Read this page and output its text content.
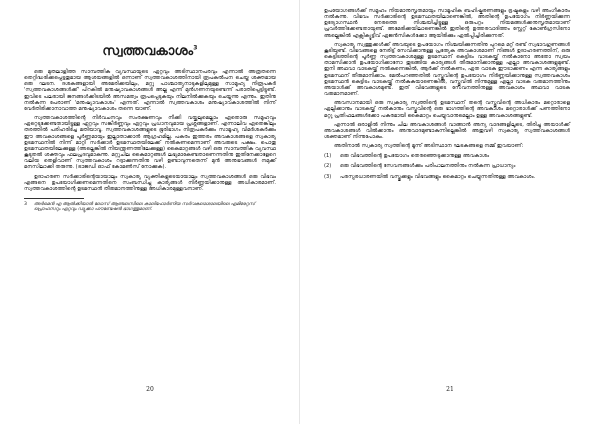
സ്വത്തവകാശം$^3$

ഒരു മുതലാളിത്ത സാമ്പത്തിക വ്യവസ്ഥയുടെ ഏറ്റവും അടിസ്ഥാനപരവും എന്നാൽ അത്രതന്നെ തെറ്റിദ്ധരിക്കപ്പെട്ടതുമായ ആശയങ്ങളിൽ ഒന്നാണ് സ്വത്തവകാശത്തിനായി രൂപകൽപന ചെയ്ത ശക്തമായ ഒരു ഘടന. ദശകങ്ങളായി അമേരിക്കയിലും, മറ്റു പാശ്ചാത്യനാടുകളിലുമുള്ള സാമൂഹ്യ നിരൂപകർ 'സ്വത്തവകാശങ്ങൾക്ക്' പിറകിൽ മനുഷ്യാവകാശങ്ങൾ അല്ല എന്ന് മുൻഗണനയുണ്ടെന്ന് പരാതിപ്പെട്ടിട്ടുണ്ട്. ഇവിടെ പലരായി ജനങ്ങൾക്കിടയിൽ അസമത്വം രൂപപ്പെടുകയും നിലനിൽക്കുകയും ചെയ്യുന്നു എന്നും. ഇതിനു നൽകുന്ന പേരാണ് 'മനുഷ്യാവകാശം' എന്നത്. എന്നാൽ സ്വത്തവകാശം മനുഷ്യാവകാശത്തിൽ നിന്ന് വേർതിരിക്കാനാവാത്ത മനുഷ്യാവകാശം തന്നെ യാണ്.

സ്വത്തവകാശത്തിന്റെ നിർവചനവും സംരക്ഷണവും നീക്കി വയ്ക്കലുമെല്ലാം ഏതൊരു സമൂഹവും ഏറ്റെടുക്കേണ്ടതായിട്ടുള്ള ഏറ്റവും സങ്കീർണ്ണവും ഏറ്റവും പ്രധാനവുമായ പ്രശ്നങ്ങളാണ്. എന്നാലിവ ഏതെങ്കിലും തരത്തിൽ പരിഹരിച്ചേ മതിയാവൂ. സ്വത്തവകാശങ്ങളുടെ ഭൂരിഭാഗം നിരൂപകർക്കും സാമൂഹ്യ വിമർശകർക്കും ഈ അവകാശങ്ങളെ പൂർണ്ണമായും ഇല്ലാതാക്കാൻ ആഗ്രഹമില്ല. പകരം ഇത്തരം അവകാശങ്ങളെ സ്വകാര്യ ഉടമസ്ഥനിൽ നിന്ന് മാറ്റി സർക്കാർ ഉടമസ്ഥതയിലേക്ക് നൽകണമെന്നാണ് അവരുടെ പക്ഷം. പൊതു ഉടമസ്ഥതയിലേക്കുള്ള (അല്ലെങ്കിൽ നിയന്ത്രണത്തിലേക്കുള്ള) കൈമാറ്റങ്ങൾ വഴി ഒരു സാമ്പത്തിക വ്യവസ്ഥ കൂടുതൽ ശക്തവും ഫലപ്രദവുമാകുന്നു. മറ്റുചില കൈമാറ്റങ്ങൾ ലഭ്യമാകേണ്ടതാണെന്നതിനു ഇതിനേക്കാളേറെ വലിയ തെളിവാണ് സ്വത്തവകാശം റദ്ദാക്കുന്നതിനു വഴി ഉണ്ടാവുന്നതെന്ന് മുൻ അനുഭവങ്ങൾ നമുക്ക് മനസിലാക്കി തരുന്നു. (ട്രാജഡി ഓഫ് കോമൺസ് നോക്കുക).

ഉദാഹരണ സർക്കാരിന്റെയായാലും സ്വകാര്യ വ്യക്തികളുടെയായാലും സ്വത്തവകാശങ്ങൾ ഒരു വിഭവം എങ്ങനെ ഉപയോഗിക്കണമെന്നതിനെ സംബന്ധിച്ചു കാര്യങ്ങൾ നിർണ്ണയിക്കാനുള്ള അധികാരമാണ്. സ്വത്തവകാശത്തിന്റെ ഉടമസ്ഥൻ തീരുമാനത്തിനുള്ള അധികാരമുള്ളവനാണ്.

3	അർമെൻ എ ആൽക്കിയാൻ ലോസ് ആഞ്ചലസിലെ കാലിഫോർണിയ സർവകലാശാലയിലെ എമിരേറ്റസ് പ്രൊഫസറും ഏറ്റവും ഡ്യൂക്കാ ഫൗണ്ടേഷൻ ഭാഗത്തുമാണ്.
20

ഉപയോഗങ്ങൾക്ക് സമൂഹം നിയമാനുസൃതമായും സാമൂഹിക ബഹിഷ്കരണങ്ങളും ഭ്രഷ്ടകളും വഴി അംഗീകാരം നൽകുന്നു. വിഭവം സർക്കാരിന്റെ ഉടമസ്ഥതയിലാണെങ്കിൽ, അതിന്റെ ഉപയോഗം നിർണ്ണയിക്കുന്ന ഉദ്യോഗസ്ഥൻ നേരത്തെ നിശ്ചയിച്ചിട്ടുള്ള ഒരുപറ്റം നിയമങ്ങൾക്കനുസൃതമായാണ് പ്രവർത്തിക്കേണ്ടതായുണ്ട്. അമേരിക്കയിലാണെങ്കിൽ ഇതിന്റെ ഉത്തരവാദിത്തം സ്റ്റേറ്റ് കോൺഗ്രസിനോ അല്ലെങ്കിൽ എക്സിക്യൂട്ടീവ് ഏജൻസികൾക്കോ ആയിരിക്കും ഏൽപ്പിച്ചിരിക്കുന്നത്.

സ്വകാര്യ സ്വത്തുക്കൾക്ക് അവയുടെ ഉപയോഗം നിശ്ചയിക്കുന്നതിനു പുറമെ മറ്റ് രണ്ട് സ്വഭാവഗുണങ്ങൾ കൂടിയുണ്ട്. വിഭവങ്ങളെ നേരിട്ട് സേവിക്കാനുള്ള പ്രത്യേക അവകാശമാണ് നിങ്ങൾ ഉദാഹരണത്തിന്, ഒരു കെട്ടിടത്തിന്റെ പൂർണ്ണ സ്വത്തവകാശമുള്ള ഉടമസ്ഥന് കെട്ടിടം വാടകയ്ക്ക് നൽകാനോ അതോ സ്വയം താമസിക്കാൻ ഉപയോഗിക്കാനോ തുടങ്ങിയ കാര്യങ്ങൾ തീരുമാനിക്കാനുള്ള എല്ലാ അവകാശങ്ങളുമുണ്ട്. ഇനി അഥവാ വാടകയ്ക്ക് നൽകുന്നെങ്കിൽ, ആർക്ക് നൽകണം, ഏത വാടക ഈടാക്കണം എന്ന കാര്യങ്ങളും ഉടമസ്ഥന് തീരുമാനിക്കാം. മേൽപറഞ്ഞതിൽ വസ്തുവിന്റെ ഉപയോഗം നിർണ്ണയിക്കാനുള്ള സ്വത്തവകാശം ഉടമസ്ഥൻ കെട്ടിടം വാടകയ്ക്ക് നൽകുകയാണെങ്കിൽ, വസ്തുവിൽ നിന്നുമുള്ള എല്ലാ വാടക വരുമാനത്തിനും അയാൾക്ക് അവകാശമുണ്ട്. ഇത് വിഭവങ്ങളുടെ സേവനത്തിനുള്ള അവകാശം അഥവാ വാടക വരുമാനമാണ്.

അവസാനമായി ഒരു സ്വകാര്യ സ്വത്തിന്റെ ഉടമസ്ഥന് തന്റെ വസ്തുവിന്റെ അധികാരം മറ്റൊരാളെ ഏല്പിക്കാനും വാടകയ്ക്ക് നൽകാനും വസ്തുവിന്റെ ഒരു ഭാഗത്തിന്റെ അവകാശം മറ്റൊരാൾക്ക് പണത്തിനോ മറ്റു പ്രതിഫലങ്ങൾക്കോ പകരമായി കൈമാറ്റം ചെയ്യുവാനുമെല്ലാം ഉള്ള അവകാശങ്ങളുണ്ട്.

എന്നാൽ ഒരാളിൽ നിന്നും ചില അവകാശങ്ങൾ വാങ്ങാൻ അന്യ വാദങ്ങളിലൂടെ, തിരിച്ചു അയാൾക്ക് അവകാശങ്ങൾ വിൽക്കാനും അനുവാദമുണ്ടാകുന്നില്ലെങ്കിൽ അതുവഴി സ്വകാര്യ സ്വത്തവകാശങ്ങൾ ശക്തമാണ് നിന്നുപോകും.

അതിനാൽ സ്വകാര്യ സ്വത്തിന്റെ മൂന്ന് അടിസ്ഥാന ഘടകങ്ങളെ നമ്മ് ഇവയാണ്:

(1)	ഒരു വിഭവത്തിന്റെ ഉപയോഗം തെരഞ്ഞെടുക്കാനുള്ള അവകാശം
(2)	ഒരു വിഭവത്തിന്റെ സേവനങ്ങൾക്കും പരിപാലനത്തിനും നൽകുന്ന പ്രാധാന്യം
(3)	പരസ്പരധാരണയിൽ വസ്തുക്കളും വിഭവങ്ങളും കൈമാറ്റം ചെയ്യുന്നതിനുള്ള അവകാശം.
21
